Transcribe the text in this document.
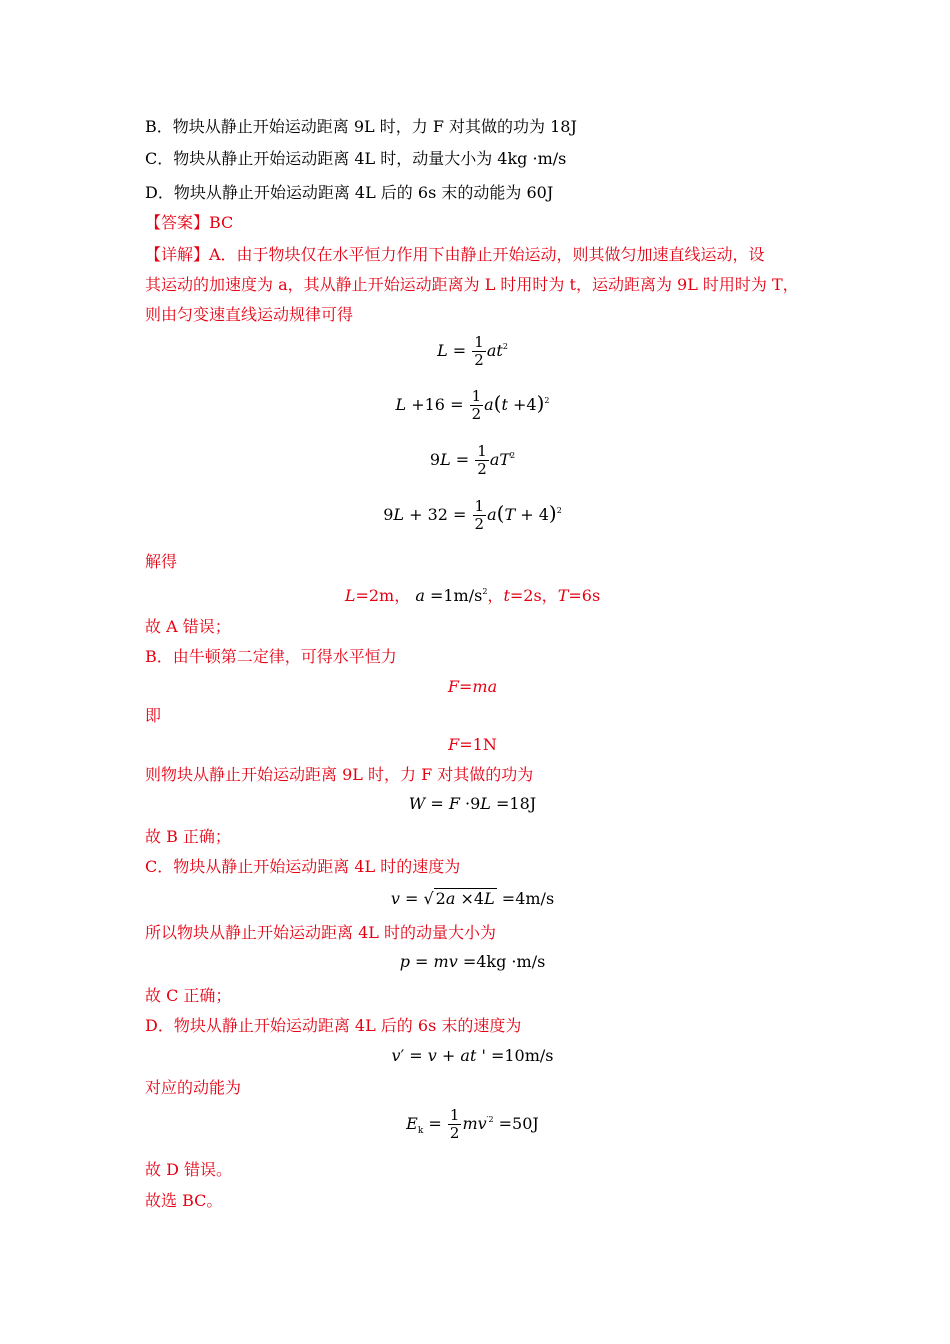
B．物块从静止开始运动距离 9L 时，力 F 对其做的功为 18J
C．物块从静止开始运动距离 4L 时，动量大小为 4kg ·m/s
D．物块从静止开始运动距离 4L 后的 6s 末的动能为 60J
【答案】BC
【详解】A．由于物块仅在水平恒力作用下由静止开始运动，则其做匀加速直线运动，设
其运动的加速度为 a，其从静止开始运动距离为 L 时用时为 t，运动距离为 9L 时用时为 T，
则由匀变速直线运动规律可得
$L = \frac{1}{2} at^2$
$L +16 = \frac{1}{2} a(t +4)^2$
$9L = \frac{1}{2} aT^2$
$9L + 32 = \frac{1}{2} a(T + 4)^2$
解得
L=2m， $a =1m/s^2$，t=2s，T=6s
故 A 错误；
B．由牛顿第二定律，可得水平恒力
F=ma
即
F=1N
则物块从静止开始运动距离 9L 时，力 F 对其做的功为
W = F ·9L =18J
故 B 正确；
C．物块从静止开始运动距离 4L 时的速度为
v = √ 2a ×4L =4m/s
所以物块从静止开始运动距离 4L 时的动量大小为
p = mv =4kg ·m/s
故 C 正确；
D．物块从静止开始运动距离 4L 后的 6s 末的速度为
v′ = v + at ' =10m/s
对应的动能为
$E_k = \frac{1}{2} mv^{'2} =50J$
故 D 错误。
故选 BC。
